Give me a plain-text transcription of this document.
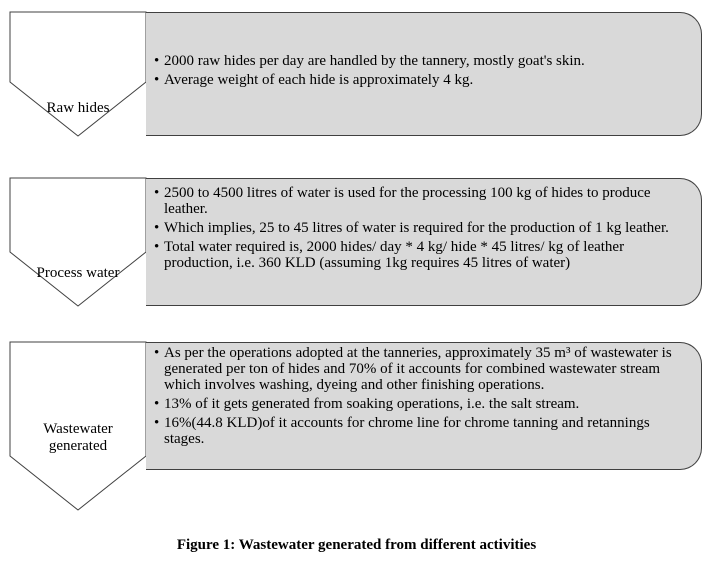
Raw hides
Process water
Wastewater
generated
• 2000 raw hides per day are handled by the tannery, mostly goat's skin.
• Average weight of each hide is approximately 4 kg.
• 2500 to 4500 litres of water is used for the processing 100 kg of hides to produce leather.
• Which implies, 25 to 45 litres of water is required for the production of 1 kg leather.
• Total water required is, 2000 hides/ day * 4 kg/ hide * 45 litres/ kg of leather production, i.e. 360 KLD (assuming 1kg requires 45 litres of water)
• As per the operations adopted at the tanneries, approximately 35 m³ of wastewater is generated per ton of hides and 70% of it accounts for combined wastewater stream which involves washing, dyeing and other finishing operations.
• 13% of it gets generated from soaking operations, i.e. the salt stream.
• 16%(44.8 KLD)of it accounts for chrome line for chrome tanning and retannings stages.
Figure 1: Wastewater generated from different activities
